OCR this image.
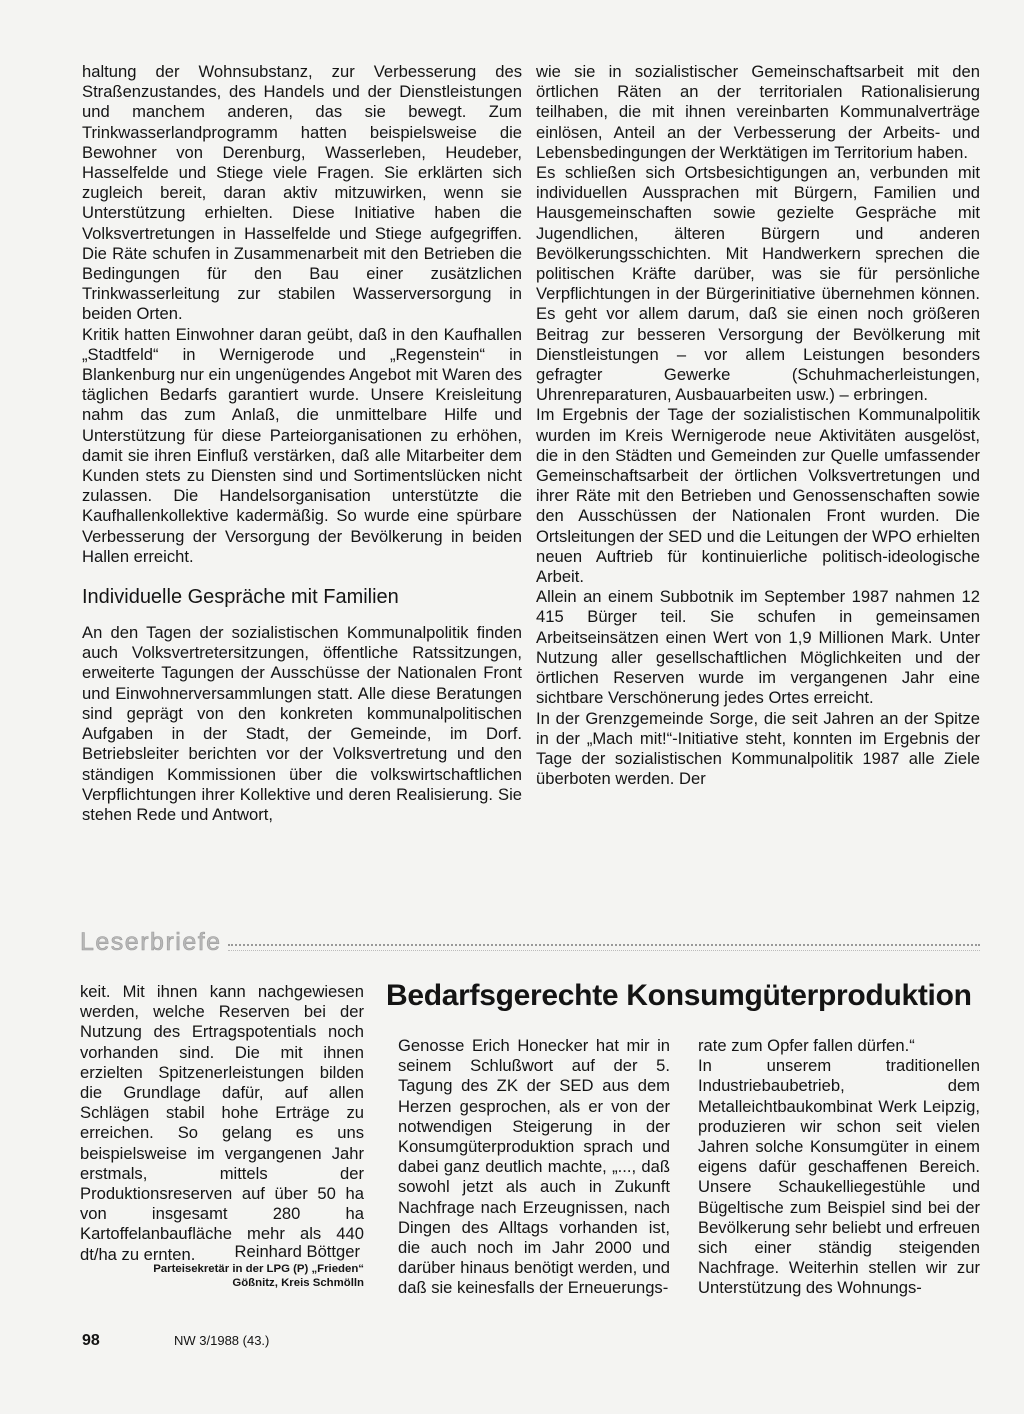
haltung der Wohnsubstanz, zur Verbesserung des Straßenzustandes, des Handels und der Dienstleistungen und manchem anderen, das sie bewegt. Zum Trinkwasserlandprogramm hatten beispielsweise die Bewohner von Derenburg, Wasserleben, Heudeber, Hasselfelde und Stiege viele Fragen. Sie erklärten sich zugleich bereit, daran aktiv mitzuwirken, wenn sie Unterstützung erhielten. Diese Initiative haben die Volksvertretungen in Hasselfelde und Stiege aufgegriffen. Die Räte schufen in Zusammenarbeit mit den Betrieben die Bedingungen für den Bau einer zusätzlichen Trinkwasserleitung zur stabilen Wasserversorgung in beiden Orten.

Kritik hatten Einwohner daran geübt, daß in den Kaufhallen „Stadtfeld“ in Wernigerode und „Regenstein“ in Blankenburg nur ein ungenügendes Angebot mit Waren des täglichen Bedarfs garantiert wurde. Unsere Kreisleitung nahm das zum Anlaß, die unmittelbare Hilfe und Unterstützung für diese Parteiorganisationen zu erhöhen, damit sie ihren Einfluß verstärken, daß alle Mitarbeiter dem Kunden stets zu Diensten sind und Sortimentslücken nicht zulassen. Die Handelsorganisation unterstützte die Kaufhallenkollektive kadermäßig. So wurde eine spürbare Verbesserung der Versorgung der Bevölkerung in beiden Hallen erreicht.

Individuelle Gespräche mit Familien

An den Tagen der sozialistischen Kommunalpolitik finden auch Volksvertretersitzungen, öffentliche Ratssitzungen, erweiterte Tagungen der Ausschüsse der Nationalen Front und Einwohnerversammlungen statt. Alle diese Beratungen sind geprägt von den konkreten kommunalpolitischen Aufgaben in der Stadt, der Gemeinde, im Dorf. Betriebsleiter berichten vor der Volksvertretung und den ständigen Kommissionen über die volkswirtschaftlichen Verpflichtungen ihrer Kollektive und deren Realisierung. Sie stehen Rede und Antwort,

wie sie in sozialistischer Gemeinschaftsarbeit mit den örtlichen Räten an der territorialen Rationalisierung teilhaben, die mit ihnen vereinbarten Kommunalverträge einlösen, Anteil an der Verbesserung der Arbeits- und Lebensbedingungen der Werktätigen im Territorium haben.

Es schließen sich Ortsbesichtigungen an, verbunden mit individuellen Aussprachen mit Bürgern, Familien und Hausgemeinschaften sowie gezielte Gespräche mit Jugendlichen, älteren Bürgern und anderen Bevölkerungsschichten. Mit Handwerkern sprechen die politischen Kräfte darüber, was sie für persönliche Verpflichtungen in der Bürgerinitiative übernehmen können. Es geht vor allem darum, daß sie einen noch größeren Beitrag zur besseren Versorgung der Bevölkerung mit Dienstleistungen – vor allem Leistungen besonders gefragter Gewerke (Schuhmacherleistungen, Uhrenreparaturen, Ausbauarbeiten usw.) – erbringen.

Im Ergebnis der Tage der sozialistischen Kommunalpolitik wurden im Kreis Wernigerode neue Aktivitäten ausgelöst, die in den Städten und Gemeinden zur Quelle umfassender Gemeinschaftsarbeit der örtlichen Volksvertretungen und ihrer Räte mit den Betrieben und Genossenschaften sowie den Ausschüssen der Nationalen Front wurden. Die Ortsleitungen der SED und die Leitungen der WPO erhielten neuen Auftrieb für kontinuierliche politisch-ideologische Arbeit.

Allein an einem Subbotnik im September 1987 nahmen 12 415 Bürger teil. Sie schufen in gemeinsamen Arbeitseinsätzen einen Wert von 1,9 Millionen Mark. Unter Nutzung aller gesellschaftlichen Möglichkeiten und der örtlichen Reserven wurde im vergangenen Jahr eine sichtbare Verschönerung jedes Ortes erreicht.

In der Grenzgemeinde Sorge, die seit Jahren an der Spitze in der „Mach mit!“-Initiative steht, konnten im Ergebnis der Tage der sozialistischen Kommunalpolitik 1987 alle Ziele überboten werden. Der

Leserbriefe

keit. Mit ihnen kann nachgewiesen werden, welche Reserven bei der Nutzung des Ertragspotentials noch vorhanden sind. Die mit ihnen erzielten Spitzenerleistungen bilden die Grundlage dafür, auf allen Schlägen stabil hohe Erträge zu erreichen. So gelang es uns beispielsweise im vergangenen Jahr erstmals, mittels der Produktionsreserven auf über 50 ha von insgesamt 280 ha Kartoffelanbaufläche mehr als 440 dt/ha zu ernten.	Reinhard Böttger
Parteisekretär in der LPG (P) „Frieden“
Gößnitz, Kreis Schmölln
Bedarfsgerechte Konsumgüterproduktion

Genosse Erich Honecker hat mir in seinem Schlußwort auf der 5. Tagung des ZK der SED aus dem Herzen gesprochen, als er von der notwendigen Steigerung in der Konsumgüterproduktion sprach und dabei ganz deutlich machte, „..., daß sowohl jetzt als auch in Zukunft Nachfrage nach Erzeugnissen, nach Dingen des Alltags vorhanden ist, die auch noch im Jahr 2000 und darüber hinaus benötigt werden, und daß sie keinesfalls der Erneuerungs-

rate zum Opfer fallen dürfen.“

In unserem traditionellen Industriebaubetrieb, dem Metalleichtbaukombinat Werk Leipzig, produzieren wir schon seit vielen Jahren solche Konsumgüter in einem eigens dafür geschaffenen Bereich. Unsere Schaukelliegestühle und Bügeltische zum Beispiel sind bei der Bevölkerung sehr beliebt und erfreuen sich einer ständig steigenden Nachfrage. Weiterhin stellen wir zur Unterstützung des Wohnungs-

98	NW 3/1988 (43.)
